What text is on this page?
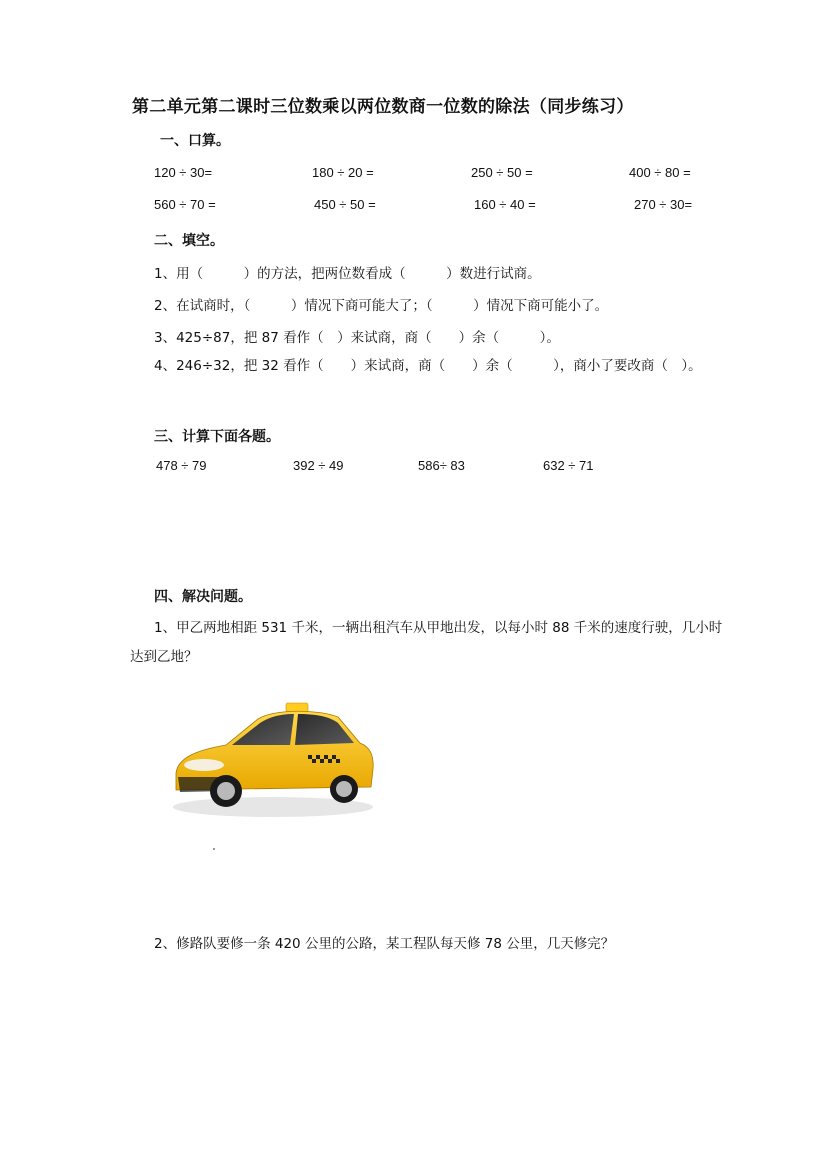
第二单元第二课时三位数乘以两位数商一位数的除法（同步练习）
一、口算。
120 ÷ 30=	180 ÷ 20 =	250 ÷ 50 =	400 ÷ 80 =
560 ÷ 70 =	450 ÷ 50 =	160 ÷ 40 =	270 ÷ 30=
二、填空。
1、用（　　　）的方法，把两位数看成（　　　）数进行试商。
2、在试商时，（　　　）情况下商可能大了；（　　　）情况下商可能小了。
3、425÷87，把 87 看作（　）来试商，商（　　）余（　　　）。
4、246÷32，把 32 看作（　　）来试商，商（　　）余（　　　），商小了要改商（　）。
三、计算下面各题。
478 ÷ 79	392 ÷ 49	586÷ 83	632 ÷ 71
四、解决问题。
1、甲乙两地相距 531 千米，一辆出租汽车从甲地出发，以每小时 88 千米的速度行驶，几小时达到乙地？
2、修路队要修一条 420 公里的公路，某工程队每天修 78 公里，几天修完？
